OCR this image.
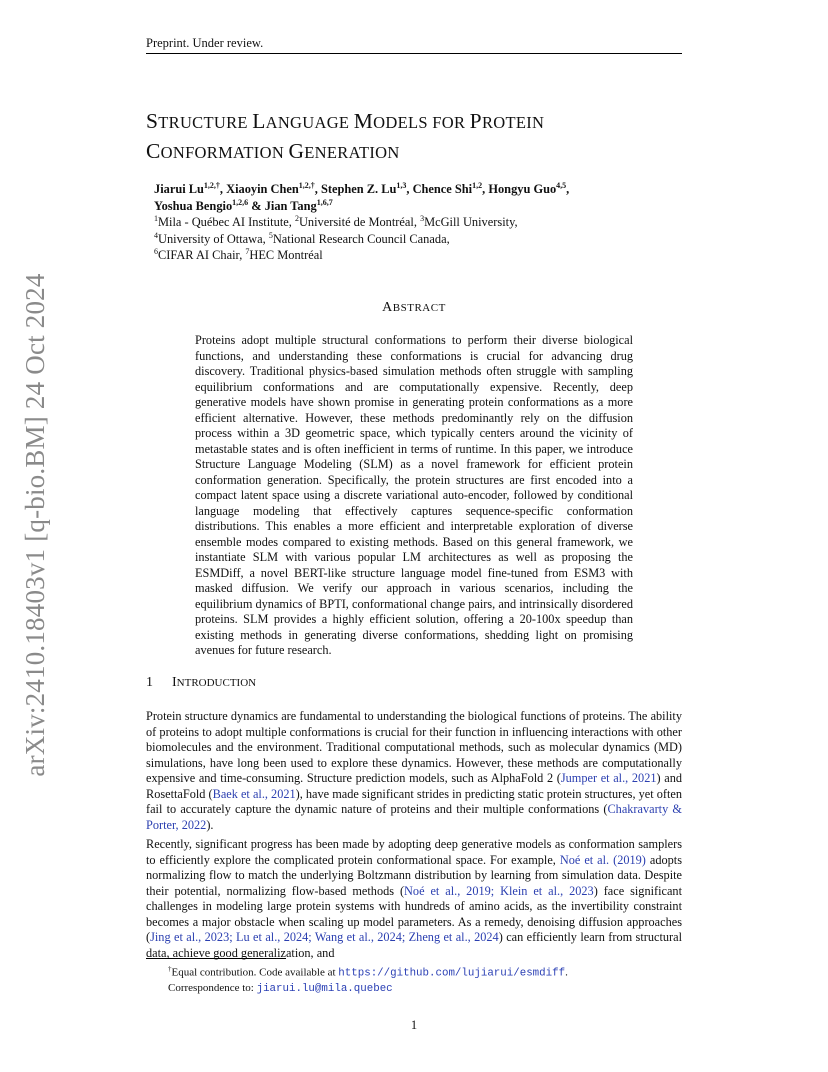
Preprint. Under review.
arXiv:2410.18403v1 [q-bio.BM] 24 Oct 2024
STRUCTURE LANGUAGE MODELS FOR PROTEIN
CONFORMATION GENERATION
Jiarui $Lu^{1,2,\dagger}$, Xiaoyin Chen$^{1,2,\dagger}$, Stephen Z. Lu$^{1,3}$, Chence Shi$^{1,2}$, Hongyu Guo$^{4,5}$,
Yoshua Bengio$^{1,2,6}$ & Jian Tang$^{1,6,7}$
$^1$Mila - Québec AI Institute, $^2$Université de Montréal, $^3$McGill University,
$^4$University of Ottawa, $^5$National Research Council Canada,
$^6$CIFAR AI Chair, $^7$HEC Montréal
ABSTRACT
Proteins adopt multiple structural conformations to perform their diverse biological functions, and understanding these conformations is crucial for advancing drug discovery. Traditional physics-based simulation methods often struggle with sampling equilibrium conformations and are computationally expensive. Recently, deep generative models have shown promise in generating protein conformations as a more efficient alternative. However, these methods predominantly rely on the diffusion process within a 3D geometric space, which typically centers around the vicinity of metastable states and is often inefficient in terms of runtime. In this paper, we introduce Structure Language Modeling (SLM) as a novel framework for efficient protein conformation generation. Specifically, the protein structures are first encoded into a compact latent space using a discrete variational auto-encoder, followed by conditional language modeling that effectively captures sequence-specific conformation distributions. This enables a more efficient and interpretable exploration of diverse ensemble modes compared to existing methods. Based on this general framework, we instantiate SLM with various popular LM architectures as well as proposing the ESMDiff, a novel BERT-like structure language model fine-tuned from ESM3 with masked diffusion. We verify our approach in various scenarios, including the equilibrium dynamics of BPTI, conformational change pairs, and intrinsically disordered proteins. SLM provides a highly efficient solution, offering a 20-100x speedup than existing methods in generating diverse conformations, shedding light on promising avenues for future research.
1 INTRODUCTION
Protein structure dynamics are fundamental to understanding the biological functions of proteins. The ability of proteins to adopt multiple conformations is crucial for their function in influencing interactions with other biomolecules and the environment. Traditional computational methods, such as molecular dynamics (MD) simulations, have long been used to explore these dynamics. However, these methods are computationally expensive and time-consuming. Structure prediction models, such as AlphaFold 2 (Jumper et al., 2021) and RosettaFold (Baek et al., 2021), have made significant strides in predicting static protein structures, yet often fail to accurately capture the dynamic nature of proteins and their multiple conformations (Chakravarty & Porter, 2022).
Recently, significant progress has been made by adopting deep generative models as conformation samplers to efficiently explore the complicated protein conformational space. For example, Noé et al. (2019) adopts normalizing flow to match the underlying Boltzmann distribution by learning from simulation data. Despite their potential, normalizing flow-based methods (Noé et al., 2019; Klein et al., 2023) face significant challenges in modeling large protein systems with hundreds of amino acids, as the invertibility constraint becomes a major obstacle when scaling up model parameters. As a remedy, denoising diffusion approaches (Jing et al., 2023; Lu et al., 2024; Wang et al., 2024; Zheng et al., 2024) can efficiently learn from structural data, achieve good generalization, and
†Equal contribution. Code available at https://github.com/lujiarui/esmdiff.
Correspondence to: jiarui.lu@mila.quebec
1
